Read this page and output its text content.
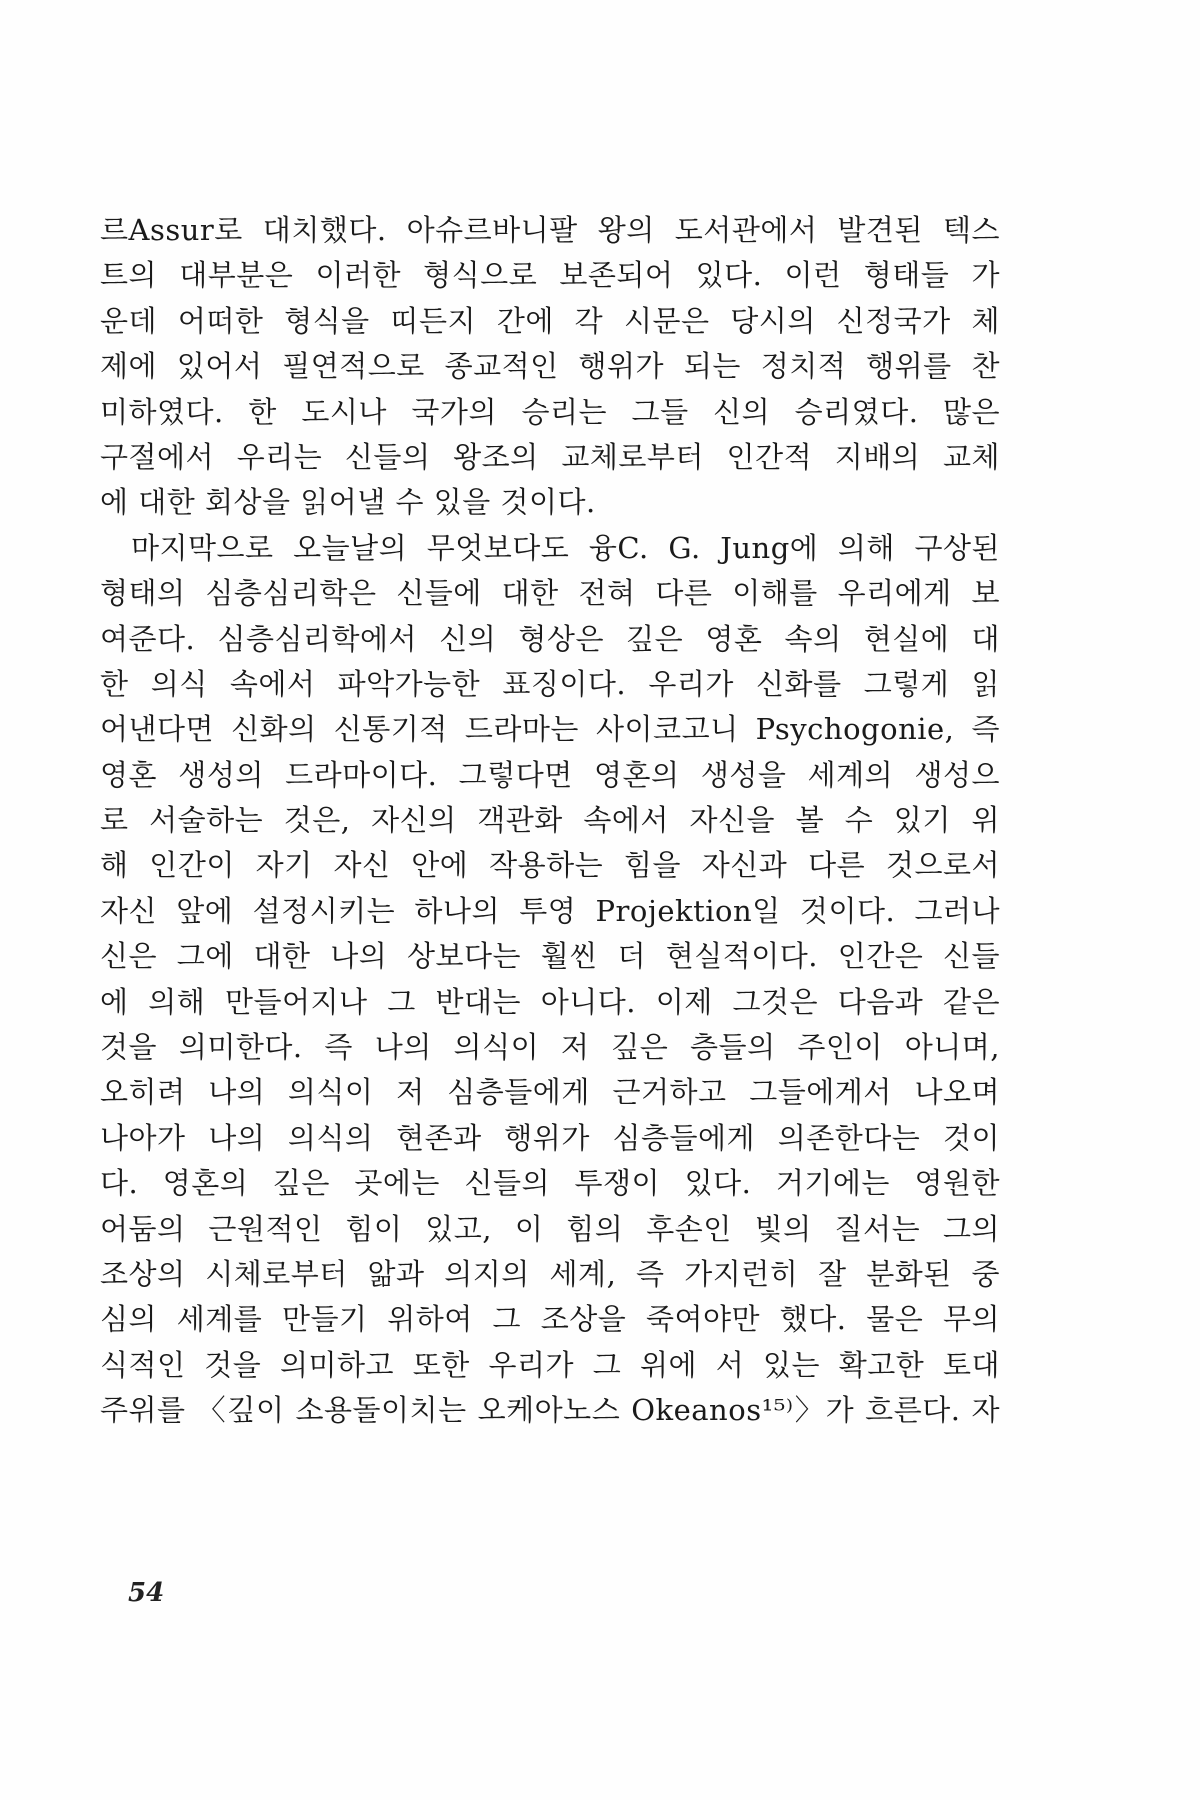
르Assur로 대치했다. 아슈르바니팔 왕의 도서관에서 발견된 텍스
트의 대부분은 이러한 형식으로 보존되어 있다. 이런 형태들 가
운데 어떠한 형식을 띠든지 간에 각 시문은 당시의 신정국가 체
제에 있어서 필연적으로 종교적인 행위가 되는 정치적 행위를 찬
미하였다. 한 도시나 국가의 승리는 그들 신의 승리였다. 많은
구절에서 우리는 신들의 왕조의 교체로부터 인간적 지배의 교체
에 대한 회상을 읽어낼 수 있을 것이다.
마지막으로 오늘날의 무엇보다도 융C. G. Jung에 의해 구상된
형태의 심층심리학은 신들에 대한 전혀 다른 이해를 우리에게 보
여준다. 심층심리학에서 신의 형상은 깊은 영혼 속의 현실에 대
한 의식 속에서 파악가능한 표징이다. 우리가 신화를 그렇게 읽
어낸다면 신화의 신통기적 드라마는 사이코고니 Psychogonie, 즉
영혼 생성의 드라마이다. 그렇다면 영혼의 생성을 세계의 생성으
로 서술하는 것은, 자신의 객관화 속에서 자신을 볼 수 있기 위
해 인간이 자기 자신 안에 작용하는 힘을 자신과 다른 것으로서
자신 앞에 설정시키는 하나의 투영 Projektion일 것이다. 그러나
신은 그에 대한 나의 상보다는 훨씬 더 현실적이다. 인간은 신들
에 의해 만들어지나 그 반대는 아니다. 이제 그것은 다음과 같은
것을 의미한다. 즉 나의 의식이 저 깊은 층들의 주인이 아니며,
오히려 나의 의식이 저 심층들에게 근거하고 그들에게서 나오며
나아가 나의 의식의 현존과 행위가 심층들에게 의존한다는 것이
다. 영혼의 깊은 곳에는 신들의 투쟁이 있다. 거기에는 영원한
어둠의 근원적인 힘이 있고, 이 힘의 후손인 빛의 질서는 그의
조상의 시체로부터 앎과 의지의 세계, 즉 가지런히 잘 분화된 중
심의 세계를 만들기 위하여 그 조상을 죽여야만 했다. 물은 무의
식적인 것을 의미하고 또한 우리가 그 위에 서 있는 확고한 토대
주위를 〈깊이 소용돌이치는 오케아노스 Okeanos¹⁵⁾〉가 흐른다. 자
54
